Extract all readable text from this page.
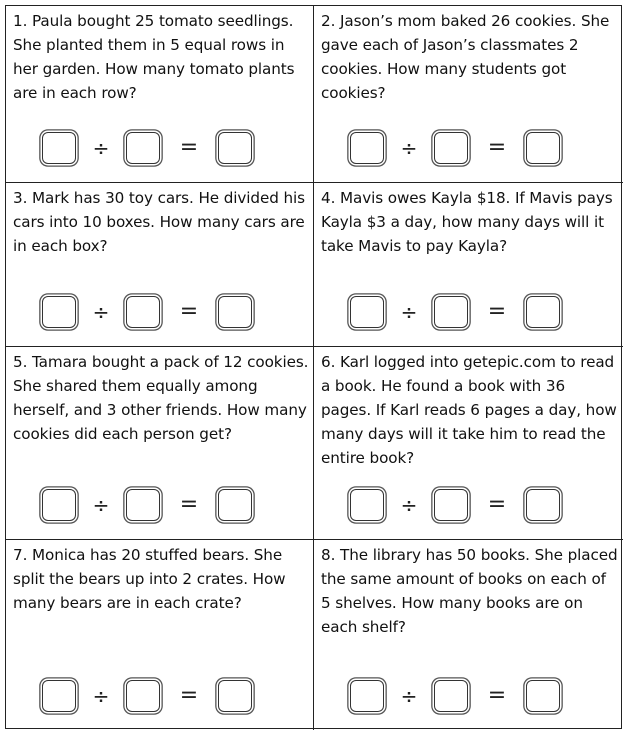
1. Paula bought 25 tomato seedlings. She planted them in 5 equal rows in her garden. How many tomato plants are in each row?
÷	=
2. Jason’s mom baked 26 cookies. She gave each of Jason’s classmates 2 cookies. How many students got cookies?
÷	=
3. Mark has 30 toy cars. He divided his cars into 10 boxes. How many cars are in each box?
÷	=
4. Mavis owes Kayla $18. If Mavis pays Kayla $3 a day, how many days will it take Mavis to pay Kayla?
÷	=
5. Tamara bought a pack of 12 cookies. She shared them equally among herself, and 3 other friends. How many cookies did each person get?
÷	=
6. Karl logged into getepic.com to read a book. He found a book with 36 pages. If Karl reads 6 pages a day, how many days will it take him to read the entire book?
÷	=
7. Monica has 20 stuffed bears. She split the bears up into 2 crates. How many bears are in each crate?
÷	=
8. The library has 50 books. She placed the same amount of books on each of 5 shelves. How many books are on each shelf?
÷	=
